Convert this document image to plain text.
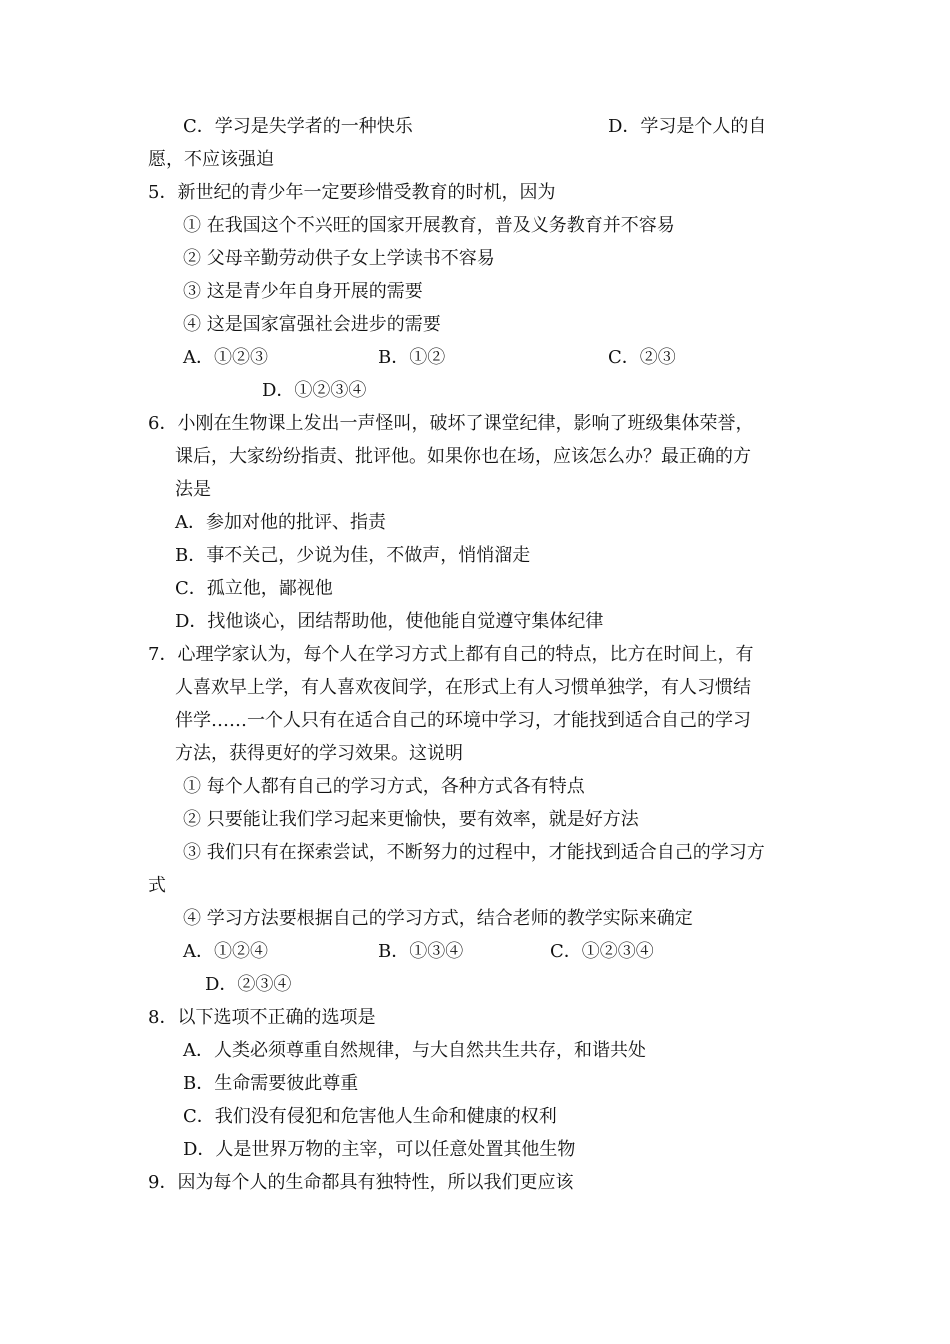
C．学习是失学者的一种快乐	D．学习是个人的自
愿，不应该强迫
5．新世纪的青少年一定要珍惜受教育的时机，因为
① 在我国这个不兴旺的国家开展教育，普及义务教育并不容易
② 父母辛勤劳动供子女上学读书不容易
③ 这是青少年自身开展的需要
④ 这是国家富强社会进步的需要
A．①②③	B．①②	C．②③
D．①②③④
6．小刚在生物课上发出一声怪叫，破坏了课堂纪律，影响了班级集体荣誉，
课后，大家纷纷指责、批评他。如果你也在场，应该怎么办？最正确的方
法是
A．参加对他的批评、指责
B．事不关己，少说为佳，不做声，悄悄溜走
C．孤立他，鄙视他
D．找他谈心，团结帮助他，使他能自觉遵守集体纪律
7．心理学家认为，每个人在学习方式上都有自己的特点，比方在时间上，有
人喜欢早上学，有人喜欢夜间学，在形式上有人习惯单独学，有人习惯结
伴学……一个人只有在适合自己的环境中学习，才能找到适合自己的学习
方法，获得更好的学习效果。这说明
① 每个人都有自己的学习方式，各种方式各有特点
② 只要能让我们学习起来更愉快，要有效率，就是好方法
③ 我们只有在探索尝试，不断努力的过程中，才能找到适合自己的学习方
式
④ 学习方法要根据自己的学习方式，结合老师的教学实际来确定
A．①②④	B．①③④	C．①②③④
D．②③④
8．以下选项不正确的选项是
A．人类必须尊重自然规律，与大自然共生共存，和谐共处
B．生命需要彼此尊重
C．我们没有侵犯和危害他人生命和健康的权利
D．人是世界万物的主宰，可以任意处置其他生物
9．因为每个人的生命都具有独特性，所以我们更应该
